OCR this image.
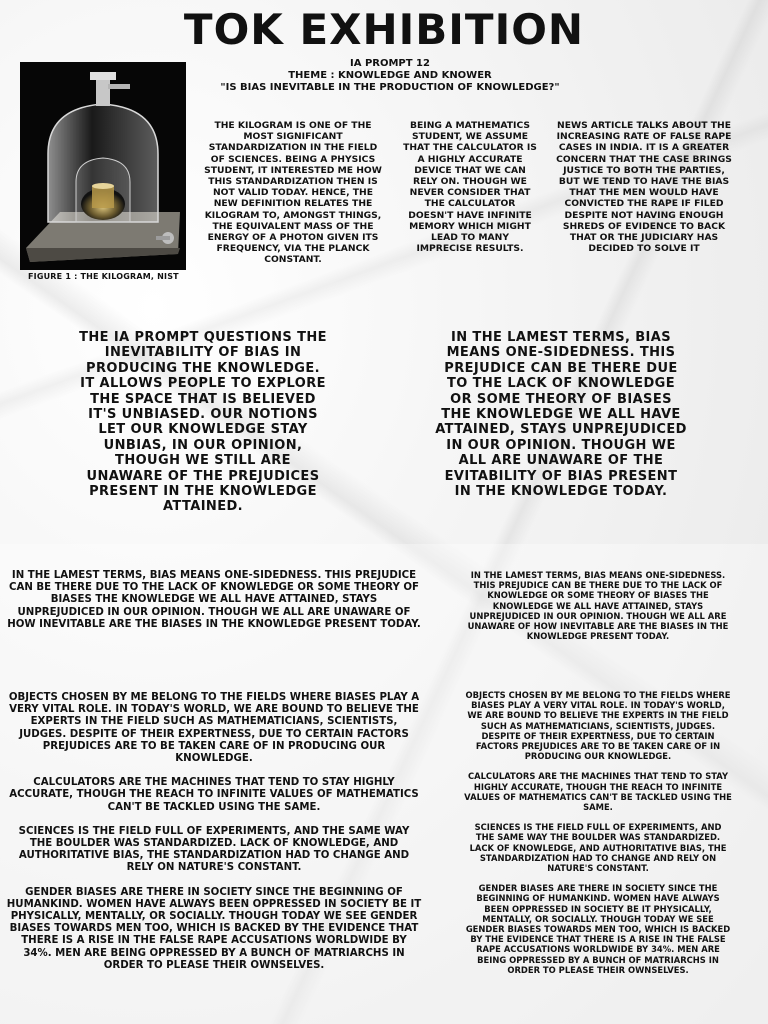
TOK EXHIBITION
IA PROMPT 12
THEME : KNOWLEDGE AND KNOWER
"IS BIAS INEVITABLE IN THE PRODUCTION OF KNOWLEDGE?"
FIGURE 1 : THE KILOGRAM, NIST
THE KILOGRAM IS ONE OF THE MOST SIGNIFICANT STANDARDIZATION IN THE FIELD OF SCIENCES. BEING A PHYSICS STUDENT, IT INTERESTED ME HOW THIS STANDARDIZATION THEN IS NOT VALID TODAY. HENCE, THE NEW DEFINITION RELATES THE KILOGRAM TO, AMONGST THINGS, THE EQUIVALENT MASS OF THE ENERGY OF A PHOTON GIVEN ITS FREQUENCY, VIA THE PLANCK CONSTANT.
BEING A MATHEMATICS STUDENT, WE ASSUME THAT THE CALCULATOR IS A HIGHLY ACCURATE DEVICE THAT WE CAN RELY ON. THOUGH WE NEVER CONSIDER THAT THE CALCULATOR DOESN'T HAVE INFINITE MEMORY WHICH MIGHT LEAD TO MANY IMPRECISE RESULTS.
NEWS ARTICLE TALKS ABOUT THE INCREASING RATE OF FALSE RAPE CASES IN INDIA. IT IS A GREATER CONCERN THAT THE CASE BRINGS JUSTICE TO BOTH THE PARTIES, BUT WE TEND TO HAVE THE BIAS THAT THE MEN WOULD HAVE CONVICTED THE RAPE IF FILED DESPITE NOT HAVING ENOUGH SHREDS OF EVIDENCE TO BACK THAT OR THE JUDICIARY HAS DECIDED TO SOLVE IT
THE IA PROMPT QUESTIONS THE INEVITABILITY OF BIAS IN PRODUCING THE KNOWLEDGE. IT ALLOWS PEOPLE TO EXPLORE THE SPACE THAT IS BELIEVED IT'S UNBIASED. OUR NOTIONS LET OUR KNOWLEDGE STAY UNBIAS, IN OUR OPINION, THOUGH WE STILL ARE UNAWARE OF THE PREJUDICES PRESENT IN THE KNOWLEDGE ATTAINED.
IN THE LAMEST TERMS, BIAS MEANS ONE-SIDEDNESS. THIS PREJUDICE CAN BE THERE DUE TO THE LACK OF KNOWLEDGE OR SOME THEORY OF BIASES THE KNOWLEDGE WE ALL HAVE ATTAINED, STAYS UNPREJUDICED IN OUR OPINION. THOUGH WE ALL ARE UNAWARE OF THE EVITABILITY OF BIAS PRESENT IN THE KNOWLEDGE TODAY.
IN THE LAMEST TERMS, BIAS MEANS ONE-SIDEDNESS. THIS PREJUDICE CAN BE THERE DUE TO THE LACK OF KNOWLEDGE OR SOME THEORY OF BIASES THE KNOWLEDGE WE ALL HAVE ATTAINED, STAYS UNPREJUDICED IN OUR OPINION. THOUGH WE ALL ARE UNAWARE OF HOW INEVITABLE ARE THE BIASES IN THE KNOWLEDGE PRESENT TODAY.

OBJECTS CHOSEN BY ME BELONG TO THE FIELDS WHERE BIASES PLAY A VERY VITAL ROLE. IN TODAY'S WORLD, WE ARE BOUND TO BELIEVE THE EXPERTS IN THE FIELD SUCH AS MATHEMATICIANS, SCIENTISTS, JUDGES. DESPITE OF THEIR EXPERTNESS, DUE TO CERTAIN FACTORS PREJUDICES ARE TO BE TAKEN CARE OF IN PRODUCING OUR KNOWLEDGE.

CALCULATORS ARE THE MACHINES THAT TEND TO STAY HIGHLY ACCURATE, THOUGH THE REACH TO INFINITE VALUES OF MATHEMATICS CAN'T BE TACKLED USING THE SAME.

SCIENCES IS THE FIELD FULL OF EXPERIMENTS, AND THE SAME WAY THE BOULDER WAS STANDARDIZED. LACK OF KNOWLEDGE, AND AUTHORITATIVE BIAS, THE STANDARDIZATION HAD TO CHANGE AND RELY ON NATURE'S CONSTANT.

GENDER BIASES ARE THERE IN SOCIETY SINCE THE BEGINNING OF HUMANKIND. WOMEN HAVE ALWAYS BEEN OPPRESSED IN SOCIETY BE IT PHYSICALLY, MENTALLY, OR SOCIALLY. THOUGH TODAY WE SEE GENDER BIASES TOWARDS MEN TOO, WHICH IS BACKED BY THE EVIDENCE THAT THERE IS A RISE IN THE FALSE RAPE ACCUSATIONS WORLDWIDE BY 34%. MEN ARE BEING OPPRESSED BY A BUNCH OF MATRIARCHS IN ORDER TO PLEASE THEIR OWNSELVES.

IN THE LAMEST TERMS, BIAS MEANS ONE-SIDEDNESS. THIS PREJUDICE CAN BE THERE DUE TO THE LACK OF KNOWLEDGE OR SOME THEORY OF BIASES THE KNOWLEDGE WE ALL HAVE ATTAINED, STAYS UNPREJUDICED IN OUR OPINION. THOUGH WE ALL ARE UNAWARE OF HOW INEVITABLE ARE THE BIASES IN THE KNOWLEDGE PRESENT TODAY.

OBJECTS CHOSEN BY ME BELONG TO THE FIELDS WHERE BIASES PLAY A VERY VITAL ROLE. IN TODAY'S WORLD, WE ARE BOUND TO BELIEVE THE EXPERTS IN THE FIELD SUCH AS MATHEMATICIANS, SCIENTISTS, JUDGES. DESPITE OF THEIR EXPERTNESS, DUE TO CERTAIN FACTORS PREJUDICES ARE TO BE TAKEN CARE OF IN PRODUCING OUR KNOWLEDGE.

CALCULATORS ARE THE MACHINES THAT TEND TO STAY HIGHLY ACCURATE, THOUGH THE REACH TO INFINITE VALUES OF MATHEMATICS CAN'T BE TACKLED USING THE SAME.

SCIENCES IS THE FIELD FULL OF EXPERIMENTS, AND THE SAME WAY THE BOULDER WAS STANDARDIZED. LACK OF KNOWLEDGE, AND AUTHORITATIVE BIAS, THE STANDARDIZATION HAD TO CHANGE AND RELY ON NATURE'S CONSTANT.

GENDER BIASES ARE THERE IN SOCIETY SINCE THE BEGINNING OF HUMANKIND. WOMEN HAVE ALWAYS BEEN OPPRESSED IN SOCIETY BE IT PHYSICALLY, MENTALLY, OR SOCIALLY. THOUGH TODAY WE SEE GENDER BIASES TOWARDS MEN TOO, WHICH IS BACKED BY THE EVIDENCE THAT THERE IS A RISE IN THE FALSE RAPE ACCUSATIONS WORLDWIDE BY 34%. MEN ARE BEING OPPRESSED BY A BUNCH OF MATRIARCHS IN ORDER TO PLEASE THEIR OWNSELVES.
